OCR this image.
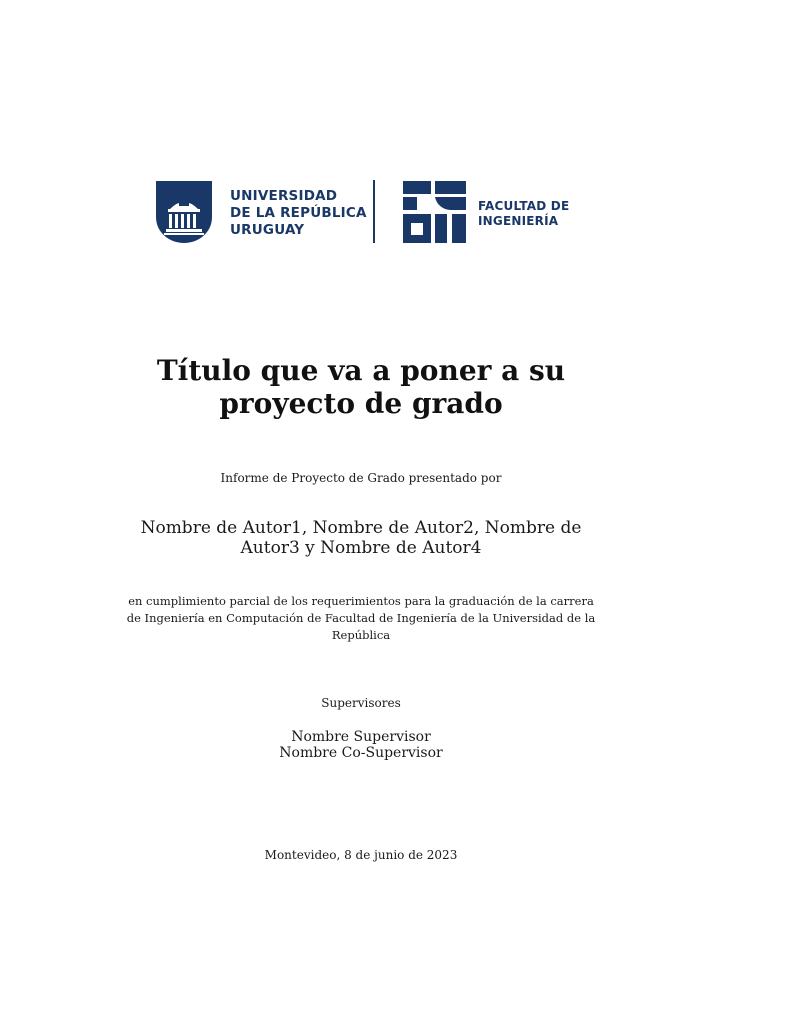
UNIVERSIDAD
DE LA REPÚBLICA
URUGUAY
FACULTAD DE
INGENIERÍA
Título que va a poner a su proyecto de grado
Informe de Proyecto de Grado presentado por
Nombre de Autor1, Nombre de Autor2, Nombre de Autor3 y Nombre de Autor4
en cumplimiento parcial de los requerimientos para la graduación de la carrera de Ingeniería en Computación de Facultad de Ingeniería de la Universidad de la República
Supervisores
Nombre Supervisor
Nombre Co-Supervisor
Montevideo, 8 de junio de 2023
